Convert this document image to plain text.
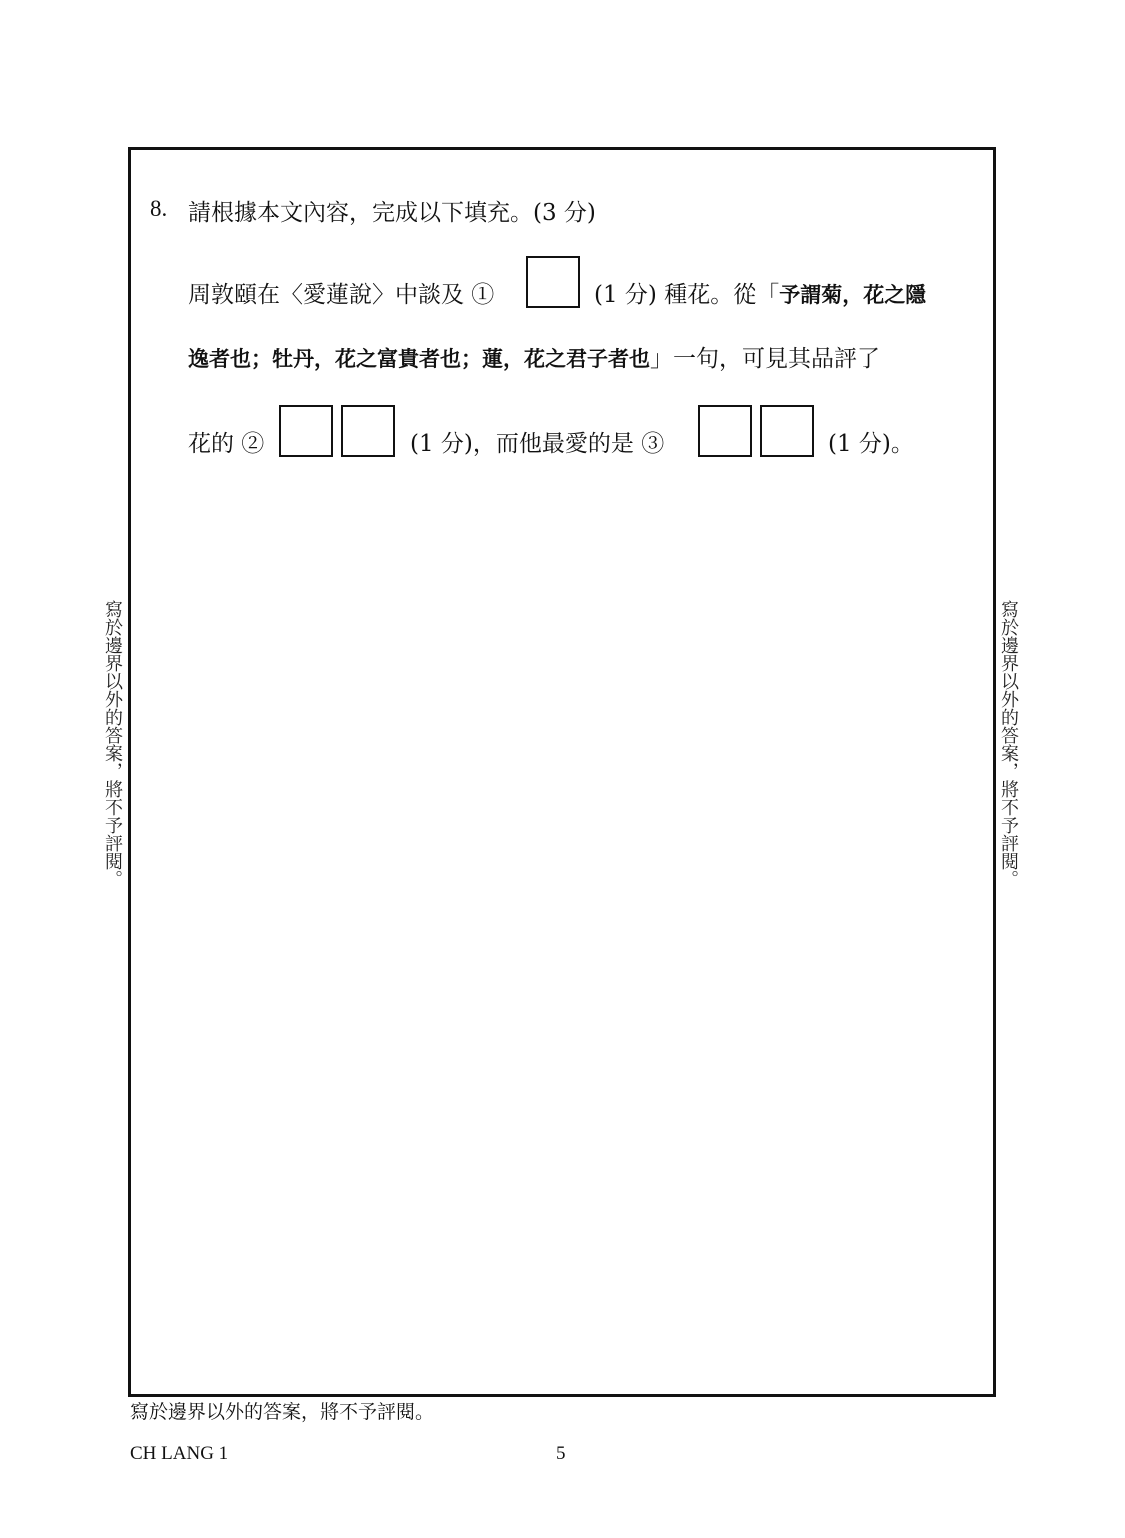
8. 請根據本文內容，完成以下填充。(3 分)
周敦頤在〈愛蓮說〉中談及 ①	(1 分) 種花。從「予謂菊，花之隱
逸者也；牡丹，花之富貴者也；蓮，花之君子者也」一句，可見其品評了
花的 ②	(1 分)，而他最愛的是 ③	(1 分)。
寫於邊界以外的答案，將不予評閱。	寫於邊界以外的答案，將不予評閱。
寫於邊界以外的答案，將不予評閱。
CH LANG 1	5
